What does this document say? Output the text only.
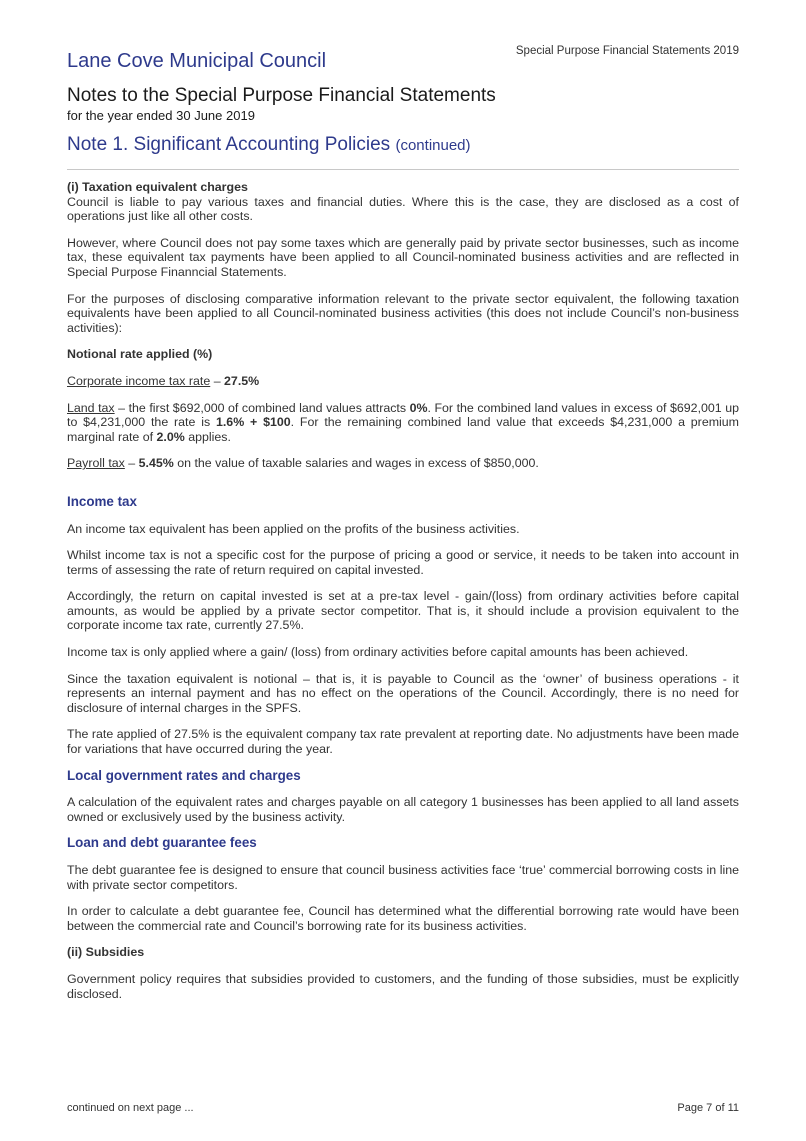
Special Purpose Financial Statements 2019
Lane Cove Municipal Council
Notes to the Special Purpose Financial Statements
for the year ended 30 June 2019
Note 1. Significant Accounting Policies (continued)

(i) Taxation equivalent charges

Council is liable to pay various taxes and financial duties. Where this is the case, they are disclosed as a cost of operations just like all other costs.

However, where Council does not pay some taxes which are generally paid by private sector businesses, such as income tax, these equivalent tax payments have been applied to all Council-nominated business activities and are reflected in Special Purpose Finanncial Statements.

For the purposes of disclosing comparative information relevant to the private sector equivalent, the following taxation equivalents have been applied to all Council-nominated business activities (this does not include Council’s non-business activities):

Notional rate applied (%)

Corporate income tax rate – 27.5%

Land tax – the first $692,000 of combined land values attracts 0%. For the combined land values in excess of $692,001 up to $4,231,000 the rate is 1.6% + $100. For the remaining combined land value that exceeds $4,231,000 a premium marginal rate of 2.0% applies.

Payroll tax – 5.45% on the value of taxable salaries and wages in excess of $850,000.

Income tax

An income tax equivalent has been applied on the profits of the business activities.

Whilst income tax is not a specific cost for the purpose of pricing a good or service, it needs to be taken into account in terms of assessing the rate of return required on capital invested.

Accordingly, the return on capital invested is set at a pre-tax level - gain/(loss) from ordinary activities before capital amounts, as would be applied by a private sector competitor. That is, it should include a provision equivalent to the corporate income tax rate, currently 27.5%.

Income tax is only applied where a gain/ (loss) from ordinary activities before capital amounts has been achieved.

Since the taxation equivalent is notional – that is, it is payable to Council as the ‘owner’ of business operations - it represents an internal payment and has no effect on the operations of the Council. Accordingly, there is no need for disclosure of internal charges in the SPFS.

The rate applied of 27.5% is the equivalent company tax rate prevalent at reporting date. No adjustments have been made for variations that have occurred during the year.

Local government rates and charges

A calculation of the equivalent rates and charges payable on all category 1 businesses has been applied to all land assets owned or exclusively used by the business activity.

Loan and debt guarantee fees

The debt guarantee fee is designed to ensure that council business activities face ‘true’ commercial borrowing costs in line with private sector competitors.

In order to calculate a debt guarantee fee, Council has determined what the differential borrowing rate would have been between the commercial rate and Council’s borrowing rate for its business activities.

(ii) Subsidies

Government policy requires that subsidies provided to customers, and the funding of those subsidies, must be explicitly disclosed.

continued on next page ...	Page 7 of 11
